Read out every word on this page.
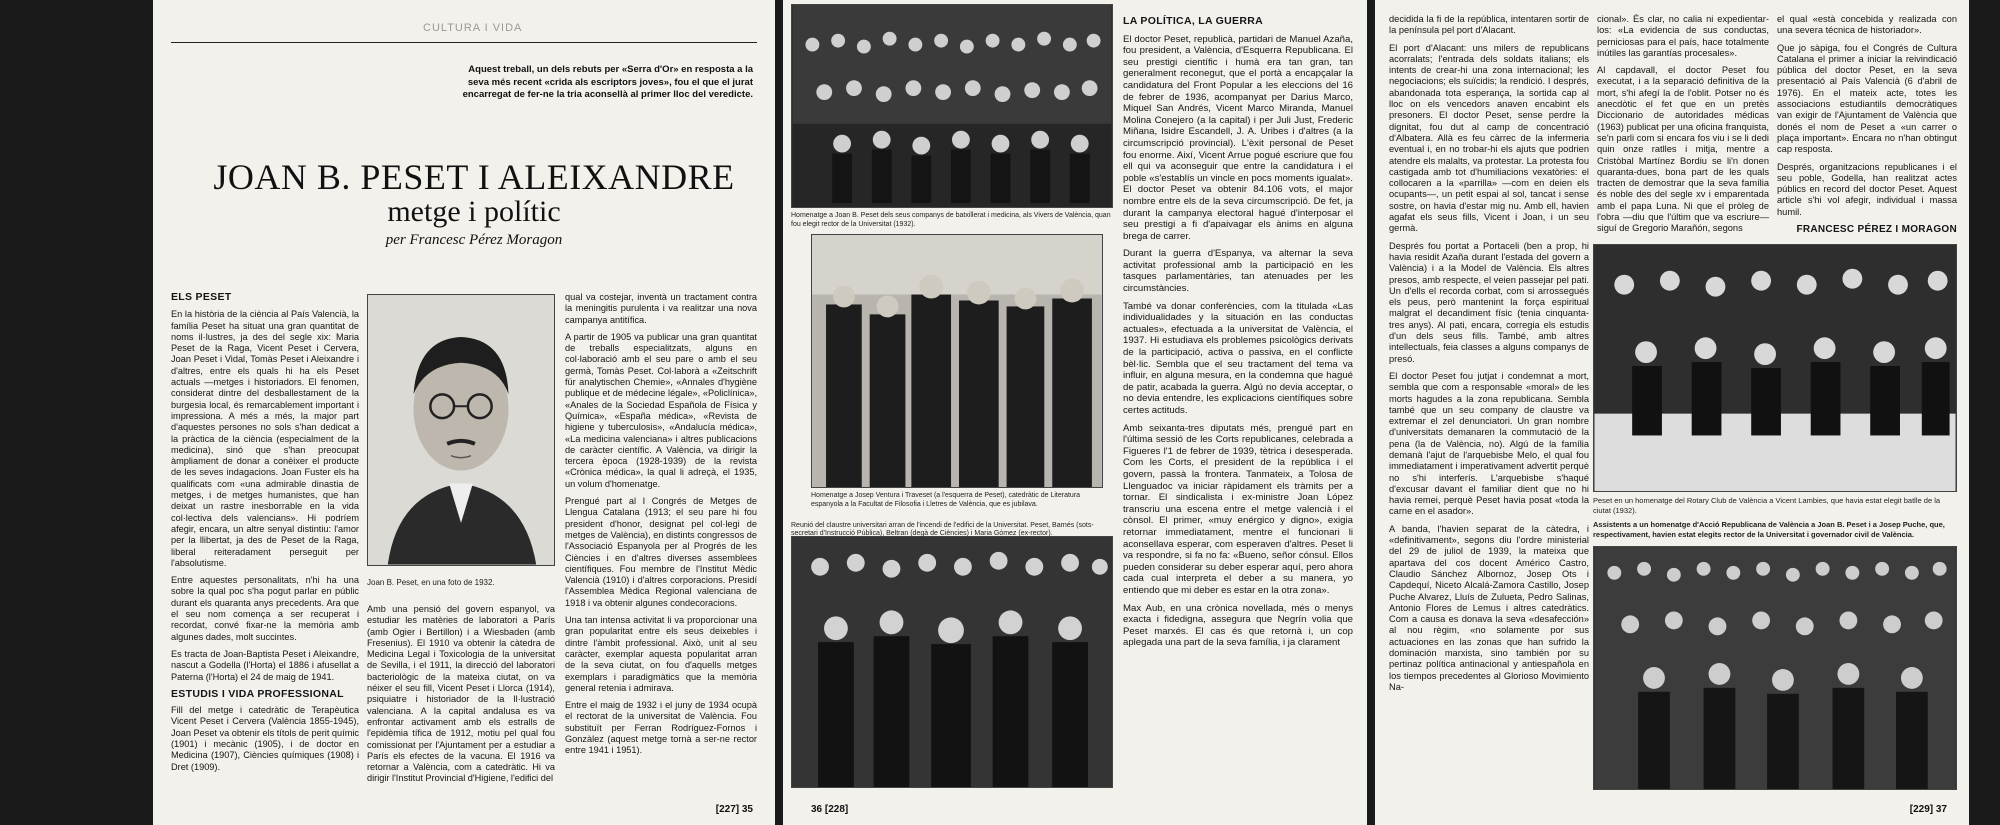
CULTURA I VIDA
Aquest treball, un dels rebuts per «Serra d'Or» en resposta a la seva més recent «crida als escriptors joves», fou el que el jurat encarregat de fer-ne la tria aconsellà al primer lloc del veredicte.
JOAN B. PESET I ALEIXANDRE
metge i polític
per Francesc Pérez Moragon
ELS PESET

En la història de la ciència al País Valencià, la família Peset ha situat una gran quantitat de noms il·lustres, ja des del segle xix: Maria Peset de la Raga, Vicent Peset i Cervera, Joan Peset i Vidal, Tomàs Peset i Aleixandre i d'altres, entre els quals hi ha els Peset actuals —metges i historiadors. El fenomen, considerat dintre del desballestament de la burgesia local, és remarcablement important i impressiona. A més a més, la major part d'aquestes persones no sols s'han dedicat a la pràctica de la ciència (especialment de la medicina), sinó que s'han preocupat àmpliament de donar a conèixer el producte de les seves indagacions. Joan Fuster els ha qualificats com «una admirable dinastia de metges, i de metges humanistes, que han deixat un rastre inesborrable en la vida col·lectiva dels valencians». Hi podríem afegir, encara, un altre senyal distintiu: l'amor per la llibertat, ja des de Peset de la Raga, liberal reiteradament perseguit per l'absolutisme.

Entre aquestes personalitats, n'hi ha una sobre la qual poc s'ha pogut parlar en públic durant els quaranta anys precedents. Ara que el seu nom comença a ser recuperat i recordat, convé fixar-ne la memòria amb algunes dades, molt succintes.

Es tracta de Joan-Baptista Peset i Aleixandre, nascut a Godella (l'Horta) el 1886 i afusellat a Paterna (l'Horta) el 24 de maig de 1941.

ESTUDIS I VIDA PROFESSIONAL

Fill del metge i catedràtic de Terapèutica Vicent Peset i Cervera (València 1855-1945), Joan Peset va obtenir els títols de perit químic (1901) i mecànic (1905), i de doctor en Medicina (1907), Ciències químiques (1908) i Dret (1909).

Joan B. Peset, en una foto de 1932.

Amb una pensió del govern espanyol, va estudiar les matèries de laboratori a París (amb Ogier i Bertillon) i a Wiesbaden (amb Fresenius). El 1910 va obtenir la càtedra de Medicina Legal i Toxicologia de la universitat de Sevilla, i el 1911, la direcció del laboratori bacteriològic de la mateixa ciutat, on va néixer el seu fill, Vicent Peset i Llorca (1914), psiquiatre i historiador de la Il·lustració valenciana. A la capital andalusa es va enfrontar activament amb els estralls de l'epidèmia tífica de 1912, motiu pel qual fou comissionat per l'Ajuntament per a estudiar a París els efectes de la vacuna. El 1916 va retornar a València, com a catedràtic. Hi va dirigir l'Institut Provincial d'Higiene, l'edifici del

qual va costejar, inventà un tractament contra la meningitis purulenta i va realitzar una nova campanya antitífica.

A partir de 1905 va publicar una gran quantitat de treballs especialitzats, alguns en col·laboració amb el seu pare o amb el seu germà, Tomàs Peset. Col·laborà a «Zeitschrift für analytischen Chemie», «Annales d'hygiène publique et de médecine légale», «Policlínica», «Anales de la Sociedad Española de Física y Química», «España médica», «Revista de higiene y tuberculosis», «Andalucía médica», «La medicina valenciana» i altres publicacions de caràcter científic. A València, va dirigir la tercera època (1928-1939) de la revista «Crònica médica», la qual li adreçà, el 1935, un volum d'homenatge.

Prengué part al I Congrés de Metges de Llengua Catalana (1913; el seu pare hi fou president d'honor, designat pel col·legi de metges de València), en distints congressos de l'Associació Espanyola per al Progrés de les Ciències i en d'altres diverses assemblees científiques. Fou membre de l'Institut Mèdic Valencià (1910) i d'altres corporacions. Presidí l'Assemblea Mèdica Regional valenciana de 1918 i va obtenir algunes condecoracions.

Una tan intensa activitat li va proporcionar una gran popularitat entre els seus deixebles i dintre l'àmbit professional. Això, unit al seu caràcter, exemplar aquesta popularitat arran de la seva ciutat, on fou d'aquells metges exemplars i paradigmàtics que la memòria general retenia i admirava.

Entre el maig de 1932 i el juny de 1934 ocupà el rectorat de la universitat de València. Fou substituït per Ferran Rodríguez-Fornos i Gonzàlez (aquest metge tornà a ser-ne rector entre 1941 i 1951).

[227] 35
Homenatge a Joan B. Peset dels seus companys de batxillerat i medicina, als Vivers de València, quan fou elegit rector de la Universitat (1932).
Homenatge a Josep Ventura i Traveset (a l'esquerra de Peset), catedràtic de Literatura espanyola a la Facultat de Filosofia i Lletres de València, que es jubilava.
Reunió del claustre universitari arran de l'incendi de l'edifici de la Universitat. Peset, Barnés (sots-secretari d'Instrucció Pública), Beltran (degà de Ciències) i Maria Gómez (ex-rector).
LA POLÍTICA, LA GUERRA

El doctor Peset, republicà, partidari de Manuel Azaña, fou president, a València, d'Esquerra Republicana. El seu prestigi científic i humà era tan gran, tan generalment reconegut, que el portà a encapçalar la candidatura del Front Popular a les eleccions del 16 de febrer de 1936, acompanyat per Darius Marco, Miquel San Andrés, Vicent Marco Miranda, Manuel Molina Conejero (a la capital) i per Juli Just, Frederic Miñana, Isidre Escandell, J. A. Uribes i d'altres (a la circumscripció provincial). L'èxit personal de Peset fou enorme. Així, Vicent Arrue pogué escriure que fou ell qui va aconseguir que entre la candidatura i el poble «s'establís un vincle en pocs moments igualat». El doctor Peset va obtenir 84.106 vots, el major nombre entre els de la seva circumscripció. De fet, ja durant la campanya electoral hagué d'interposar el seu prestigi a fi d'apaivagar els ànims en alguna brega de carrer.

Durant la guerra d'Espanya, va alternar la seva activitat professional amb la participació en les tasques parlamentàries, tan atenuades per les circumstàncies.

També va donar conferències, com la titulada «Las individualidades y la situación en las conductas actuales», efectuada a la universitat de València, el 1937. Hi estudiava els problemes psicològics derivats de la participació, activa o passiva, en el conflicte bèl·lic. Sembla que el seu tractament del tema va influir, en alguna mesura, en la condemna que hagué de patir, acabada la guerra. Algú no devia acceptar, o no devia entendre, les explicacions científiques sobre certes actituds.

Amb seixanta-tres diputats més, prengué part en l'última sessió de les Corts republicanes, celebrada a Figueres l'1 de febrer de 1939, tètrica i desesperada. Com les Corts, el president de la república i el govern, passà la frontera. Tanmateix, a Tolosa de Llenguadoc va iniciar ràpidament els tràmits per a tornar. El sindicalista i ex-ministre Joan López transcriu una escena entre el metge valencià i el cònsol. El primer, «muy enérgico y digno», exigia retornar immediatament, mentre el funcionari li aconsellava esperar, com esperaven d'altres. Peset li va respondre, si fa no fa: «Bueno, señor cónsul. Ellos pueden considerar su deber esperar aquí, pero ahora cada cual interpreta el deber a su manera, yo entiendo que mi deber es estar en la otra zona».

Max Aub, en una crònica novellada, més o menys exacta i fidedigna, assegura que Negrín volia que Peset marxés. El cas és que retornà i, un cop aplegada una part de la seva família, i ja clarament

36 [228]

decidida la fi de la república, intentaren sortir de la península pel port d'Alacant.

El port d'Alacant: uns milers de republicans acorralats; l'entrada dels soldats italians; els intents de crear-hi una zona internacional; les negociacions; els suïcidis; la rendició. I després, abandonada tota esperança, la sortida cap al lloc on els vencedors anaven encabint els presoners. El doctor Peset, sense perdre la dignitat, fou dut al camp de concentració d'Albatera. Allà es feu càrrec de la infermeria eventual i, en no trobar-hi els ajuts que podrien atendre els malalts, va protestar. La protesta fou castigada amb tot d'humiliacions vexatòries: el collocaren a la «parrilla» —com en deien els ocupants—, un petit espai al sol, tancat i sense sostre, on havia d'estar mig nu. Amb ell, havien agafat els seus fills, Vicent i Joan, i un seu germà.

Després fou portat a Portaceli (ben a prop, hi havia residit Azaña durant l'estada del govern a València) i a la Model de València. Els altres presos, amb respecte, el veien passejar pel pati. Un d'ells el recorda corbat, com si arrossegués els peus, però mantenint la força espiritual malgrat el decandiment físic (tenia cinquanta-tres anys). Al pati, encara, corregia els estudis d'un dels seus fills. També, amb altres intellectuals, feia classes a alguns companys de presó.

El doctor Peset fou jutjat i condemnat a mort, sembla que com a responsable «moral» de les morts hagudes a la zona republicana. Sembla també que un seu company de claustre va extremar el zel denunciatori. Un gran nombre d'universitats demanaren la commutació de la pena (la de València, no). Algú de la família demanà l'ajut de l'arquebisbe Melo, el qual fou immediatament i imperativament advertit perquè no s'hi interferís. L'arquebisbe s'haqué d'excusar davant el familiar dient que no hi havia remei, perquè Peset havia posat «toda la carne en el asador».

A banda, l'havien separat de la càtedra, i «definitivament», segons diu l'ordre ministerial del 29 de juliol de 1939, la mateixa que apartava del cos docent Américo Castro, Claudio Sánchez Albornoz, Josep Ots i Capdequí, Niceto Alcalá-Zamora Castillo, Josep Puche Alvarez, Lluís de Zulueta, Pedro Salinas, Antonio Flores de Lemus i altres catedràtics. Com a causa es donava la seva «desafección» al nou règim, «no solamente por sus actuaciones en las zonas que han sufrido la dominación marxista, sino también por su pertinaz política antinacional y antiespañola en los tiempos precedentes al Glorioso Movimiento Na-

cional». És clar, no calia ni expedientar-los: «La evidencia de sus conductas, perniciosas para el país, hace totalmente inútiles las garantías procesales».

Al capdavall, el doctor Peset fou executat, i a la separació definitiva de la mort, s'hi afegí la de l'oblit. Potser no és anecdòtic el fet que en un pretès Diccionario de autoridades médicas (1963) publicat per una oficina franquista, se'n parli com si encara fos viu i se li dedi quin onze ratlles i mitja, mentre a Cristòbal Martínez Bordiu se li'n donen quaranta-dues, bona part de les quals tracten de demostrar que la seva família és noble des del segle xv i emparentada amb el papa Luna. Ni que el pròleg de l'obra —diu que l'últim que va escriure— siguí de Gregorio Marañón, segons

el qual «està concebida y realizada con una severa técnica de historiador».

Que jo sàpiga, fou el Congrés de Cultura Catalana el primer a iniciar la reivindicació pública del doctor Peset, en la seva presentació al País Valencià (6 d'abril de 1976). En el mateix acte, totes les associacions estudiantils democràtiques van exigir de l'Ajuntament de València que donés el nom de Peset a «un carrer o plaça important». Encara no n'han obtingut cap resposta.

Després, organitzacions republicanes i el seu poble, Godella, han realitzat actes públics en record del doctor Peset. Aquest article s'hi vol afegir, individual i massa humil.

FRANCESC PÉREZ I MORAGON
Peset en un homenatge del Rotary Club de València a Vicent Lambies, que havia estat elegit batlle de la ciutat (1932).
Assistents a un homenatge d'Acció Republicana de València a Joan B. Peset i a Josep Puche, que, respectivament, havien estat elegits rector de la Universitat i governador civil de València.
[229] 37
